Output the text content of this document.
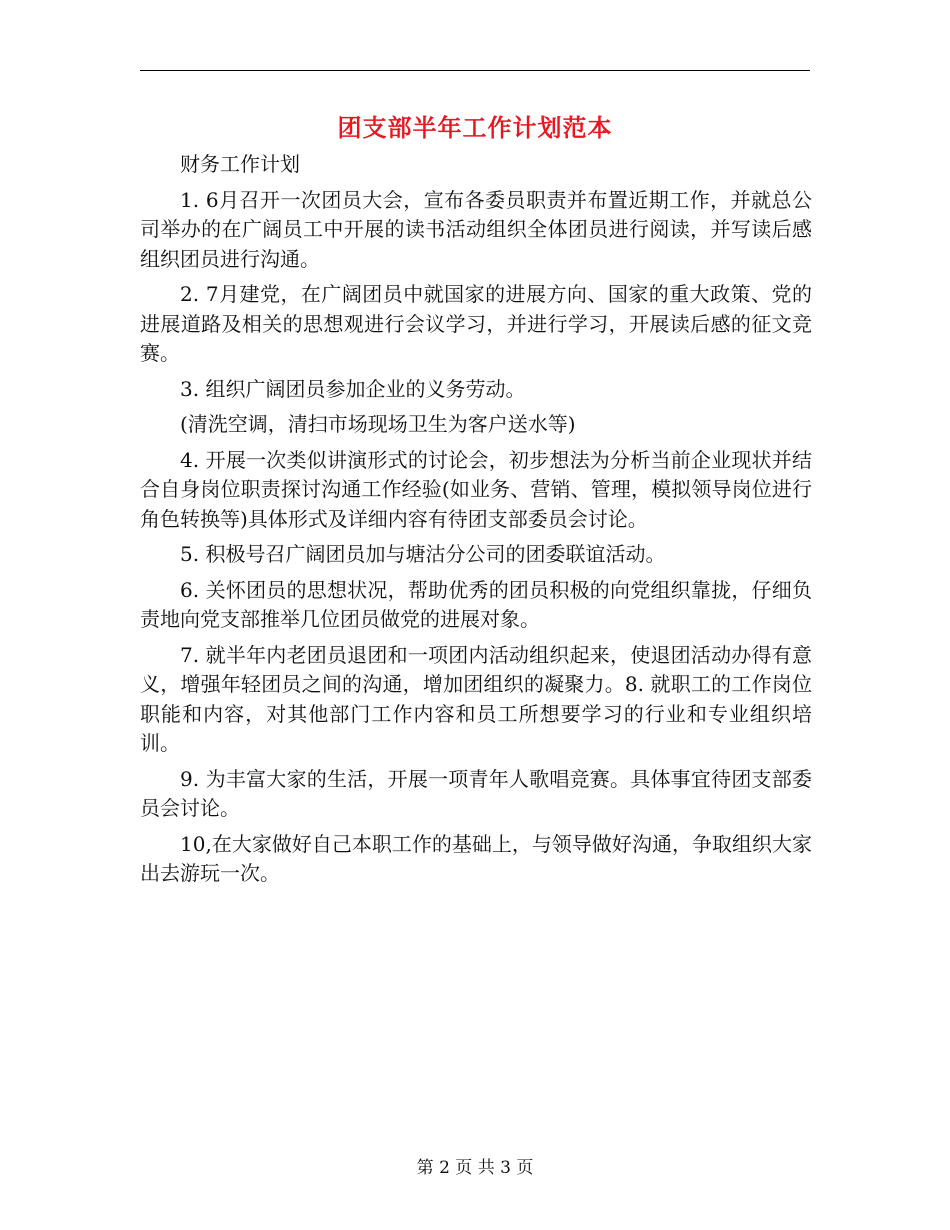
团支部半年工作计划范本

财务工作计划

1. 6月召开一次团员大会，宣布各委员职责并布置近期工作，并就总公司举办的在广阔员工中开展的读书活动组织全体团员进行阅读，并写读后感组织团员进行沟通。

2. 7月建党，在广阔团员中就国家的进展方向、国家的重大政策、党的进展道路及相关的思想观进行会议学习，并进行学习，开展读后感的征文竞赛。

3. 组织广阔团员参加企业的义务劳动。

(清洗空调，清扫市场现场卫生为客户送水等)

4. 开展一次类似讲演形式的讨论会，初步想法为分析当前企业现状并结合自身岗位职责探讨沟通工作经验(如业务、营销、管理，模拟领导岗位进行角色转换等)具体形式及详细内容有待团支部委员会讨论。

5. 积极号召广阔团员加与塘沽分公司的团委联谊活动。

6. 关怀团员的思想状况，帮助优秀的团员积极的向党组织靠拢，仔细负责地向党支部推举几位团员做党的进展对象。

7. 就半年内老团员退团和一项团内活动组织起来，使退团活动办得有意义，增强年轻团员之间的沟通，增加团组织的凝聚力。8. 就职工的工作岗位职能和内容，对其他部门工作内容和员工所想要学习的行业和专业组织培训。

9. 为丰富大家的生活，开展一项青年人歌唱竞赛。具体事宜待团支部委员会讨论。

10,在大家做好自己本职工作的基础上，与领导做好沟通，争取组织大家出去游玩一次。

第 2 页 共 3 页
